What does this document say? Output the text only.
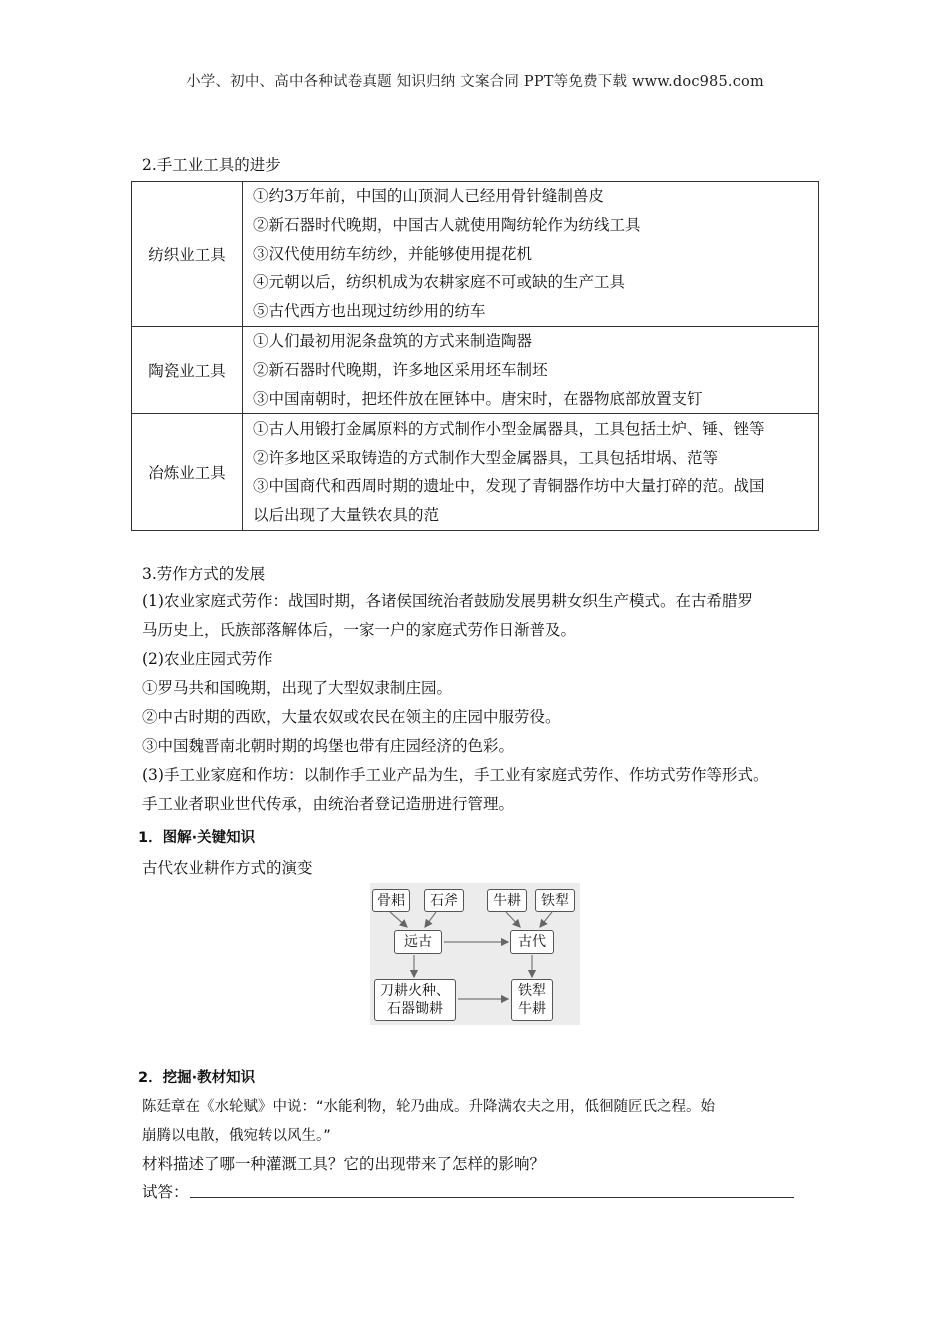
小学、初中、高中各种试卷真题 知识归纳 文案合同 PPT等免费下载 www.doc985.com
2.手工业工具的进步
纺织业工具	①约3万年前，中国的山顶洞人已经用骨针缝制兽皮
②新石器时代晚期，中国古人就使用陶纺轮作为纺线工具
③汉代使用纺车纺纱，并能够使用提花机
④元朝以后，纺织机成为农耕家庭不可或缺的生产工具
⑤古代西方也出现过纺纱用的纺车

陶瓷业工具	①人们最初用泥条盘筑的方式来制造陶器
②新石器时代晚期，许多地区采用坯车制坯
③中国南朝时，把坯件放在匣钵中。唐宋时，在器物底部放置支钉

冶炼业工具	①古人用锻打金属原料的方式制作小型金属器具，工具包括土炉、锤、锉等
②许多地区采取铸造的方式制作大型金属器具，工具包括坩埚、范等
③中国商代和西周时期的遗址中，发现了青铜器作坊中大量打碎的范。战国
以后出现了大量铁农具的范
3.劳作方式的发展
(1)农业家庭式劳作：战国时期，各诸侯国统治者鼓励发展男耕女织生产模式。在古希腊罗
马历史上，氏族部落解体后，一家一户的家庭式劳作日渐普及。
(2)农业庄园式劳作
①罗马共和国晚期，出现了大型奴隶制庄园。
②中古时期的西欧，大量农奴或农民在领主的庄园中服劳役。
③中国魏晋南北朝时期的坞堡也带有庄园经济的色彩。
(3)手工业家庭和作坊：以制作手工业产品为生，手工业有家庭式劳作、作坊式劳作等形式。
手工业者职业世代传承，由统治者登记造册进行管理。
1．图解·关键知识
古代农业耕作方式的演变
骨耜	石斧	牛耕	铁犁
远古	古代
刀耕火种、
石器锄耕
铁犁
牛耕
2．挖掘·教材知识
陈廷章在《水轮赋》中说：“水能利物，轮乃曲成。升降满农夫之用，低徊随匠氏之程。始
崩腾以电散，俄宛转以风生。”
材料描述了哪一种灌溉工具？它的出现带来了怎样的影响？
试答：
